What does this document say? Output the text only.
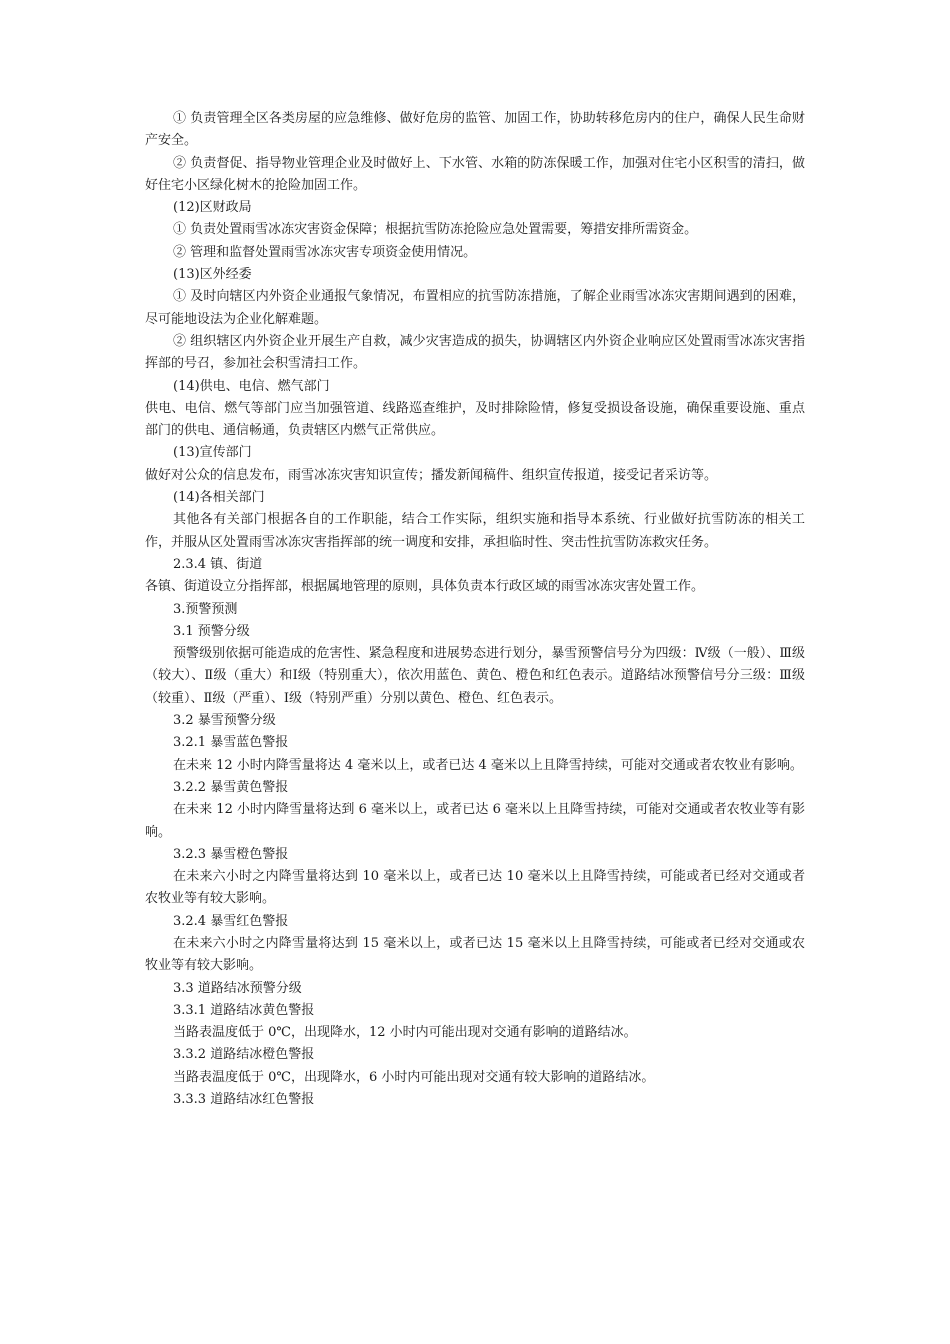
① 负责管理全区各类房屋的应急维修、做好危房的监管、加固工作，协助转移危房内的住户，确保人民生命财产安全。

② 负责督促、指导物业管理企业及时做好上、下水管、水箱的防冻保暖工作，加强对住宅小区积雪的清扫，做好住宅小区绿化树木的抢险加固工作。

(12)区财政局

① 负责处置雨雪冰冻灾害资金保障；根据抗雪防冻抢险应急处置需要，筹措安排所需资金。

② 管理和监督处置雨雪冰冻灾害专项资金使用情况。

(13)区外经委

① 及时向辖区内外资企业通报气象情况，布置相应的抗雪防冻措施，了解企业雨雪冰冻灾害期间遇到的困难，尽可能地设法为企业化解难题。

② 组织辖区内外资企业开展生产自救，减少灾害造成的损失，协调辖区内外资企业响应区处置雨雪冰冻灾害指挥部的号召，参加社会积雪清扫工作。

(14)供电、电信、燃气部门

供电、电信、燃气等部门应当加强管道、线路巡查维护，及时排除险情，修复受损设备设施，确保重要设施、重点部门的供电、通信畅通，负责辖区内燃气正常供应。

(13)宣传部门

做好对公众的信息发布，雨雪冰冻灾害知识宣传；播发新闻稿件、组织宣传报道，接受记者采访等。

(14)各相关部门

其他各有关部门根据各自的工作职能，结合工作实际，组织实施和指导本系统、行业做好抗雪防冻的相关工作，并服从区处置雨雪冰冻灾害指挥部的统一调度和安排，承担临时性、突击性抗雪防冻救灾任务。

2.3.4 镇、街道

各镇、街道设立分指挥部，根据属地管理的原则，具体负责本行政区域的雨雪冰冻灾害处置工作。

3.预警预测

3.1 预警分级

预警级别依据可能造成的危害性、紧急程度和进展势态进行划分，暴雪预警信号分为四级：Ⅳ级（一般）、Ⅲ级（较大）、Ⅱ级（重大）和Ⅰ级（特别重大），依次用蓝色、黄色、橙色和红色表示。道路结冰预警信号分三级：Ⅲ级（较重）、Ⅱ级（严重）、Ⅰ级（特别严重）分别以黄色、橙色、红色表示。

3.2 暴雪预警分级

3.2.1 暴雪蓝色警报

在未来 12 小时内降雪量将达 4 毫米以上，或者已达 4 毫米以上且降雪持续，可能对交通或者农牧业有影响。

3.2.2 暴雪黄色警报

在未来 12 小时内降雪量将达到 6 毫米以上，或者已达 6 毫米以上且降雪持续，可能对交通或者农牧业等有影响。

3.2.3 暴雪橙色警报

在未来六小时之内降雪量将达到 10 毫米以上，或者已达 10 毫米以上且降雪持续，可能或者已经对交通或者农牧业等有较大影响。

3.2.4 暴雪红色警报

在未来六小时之内降雪量将达到 15 毫米以上，或者已达 15 毫米以上且降雪持续，可能或者已经对交通或农牧业等有较大影响。

3.3 道路结冰预警分级

3.3.1 道路结冰黄色警报

当路表温度低于 0℃，出现降水，12 小时内可能出现对交通有影响的道路结冰。

3.3.2 道路结冰橙色警报

当路表温度低于 0℃，出现降水，6 小时内可能出现对交通有较大影响的道路结冰。

3.3.3 道路结冰红色警报
